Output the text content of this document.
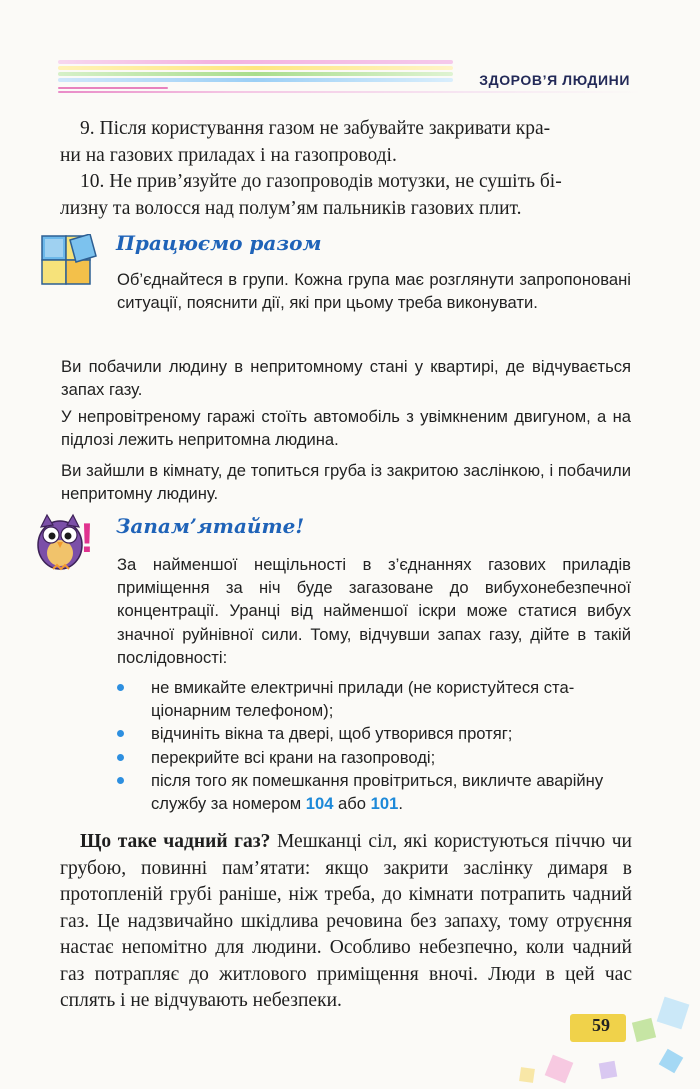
ЗДОРОВ’Я ЛЮДИНИ
9. Після користування газом не забувайте закривати кра-
ни на газових приладах і на газопроводі.
10. Не прив’язуйте до газопроводів мотузки, не сушіть бі-
лизну та волосся над полум’ям пальників газових плит.
Працюємо разом
Об’єднайтеся в групи. Кожна група має розглянути запропоновані ситуації, пояснити дії, які при цьому треба виконувати.
Ви побачили людину в непритомному стані у квартирі, де відчувається запах газу.
У непровітреному гаражі стоїть автомобіль з увімкненим двигуном, а на підлозі лежить непритомна людина.
Ви зайшли в кімнату, де топиться груба із закритою заслінкою, і побачили непритомну людину.
! Запам’ятайте!
За найменшої нещільності в з’єднаннях газових приладів приміщення за ніч буде загазоване до вибухонебезпечної концентрації. Уранці від найменшої іскри може статися вибух значної руйнівної сили. Тому, відчувши запах газу, дійте в такій послідовності:
не вмикайте електричні прилади (не користуйтеся стаціонарним телефоном);
відчиніть вікна та двері, щоб утворився протяг;
перекрийте всі крани на газопроводі;
після того як помешкання провітриться, викличте аварійну службу за номером 104 або 101.
Що таке чадний газ? Мешканці сіл, які користуються піччю чи грубою, повинні пам’ятати: якщо закрити заслінку димаря в протопленій грубі раніше, ніж треба, до кімнати потрапить чадний газ. Це надзвичайно шкідлива речовина без запаху, тому отруєння настає непомітно для людини. Особливо небезпечно, коли чадний газ потрапляє до житлового приміщення вночі. Люди в цей час сплять і не відчувають небезпеки.
59
